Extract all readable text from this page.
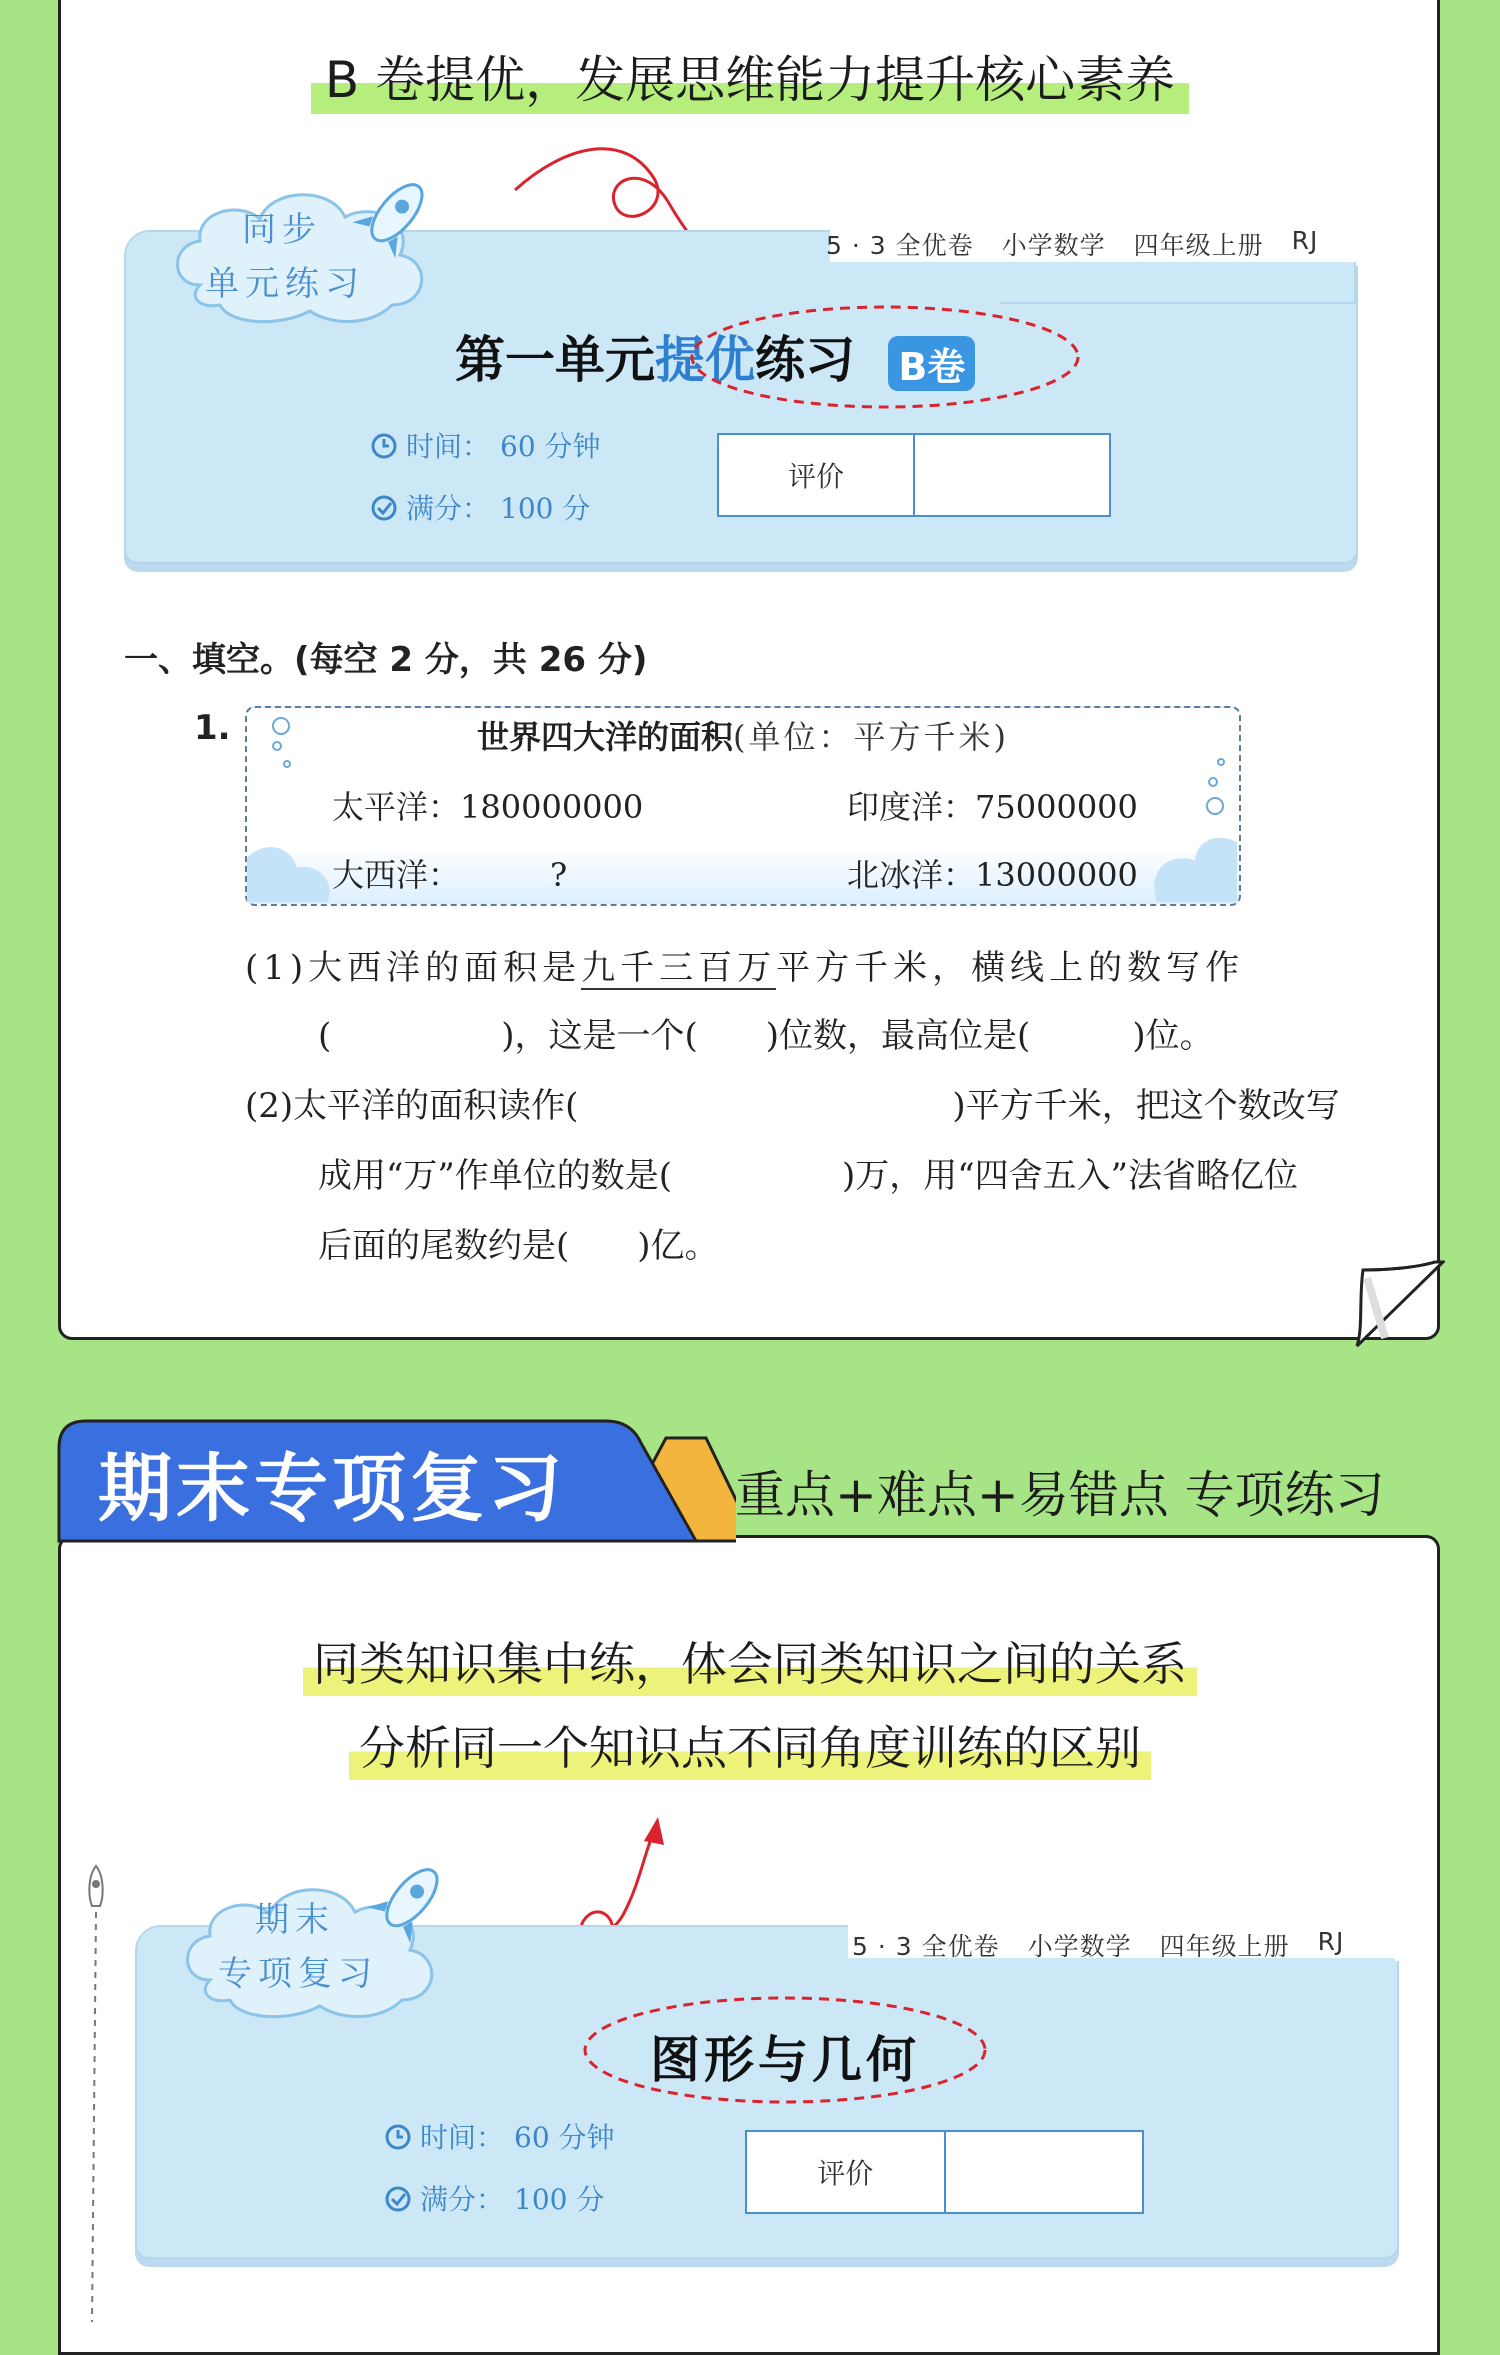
B 卷提优，发展思维能力提升核心素养
5 · 3 全优卷 小学数学 四年级上册 RJ
同步
单元练习
第一单元提优练习 B卷
时间： 60 分钟
满分： 100 分
评价
一、填空。(每空 2 分，共 26 分)
1.	世界四大洋的面积(单位：平方千米)
太平洋：180000000	印度洋：75000000
大西洋：	?	北冰洋：13000000
(1)大西洋的面积是九千三百万平方千米，横线上的数写作
(　　　　　)，这是一个(　　)位数，最高位是(　　　)位。
(2)太平洋的面积读作(　　　　　　　　　　　)平方千米，把这个数改写
成用“万”作单位的数是(　　　　　)万，用“四舍五入”法省略亿位
后面的尾数约是(　　)亿。
期末专项复习	重点+难点+易错点 专项练习
同类知识集中练，体会同类知识之间的关系
分析同一个知识点不同角度训练的区别
5 · 3 全优卷 小学数学 四年级上册 RJ
期末
专项复习
图形与几何
时间： 60 分钟
满分： 100 分
评价
